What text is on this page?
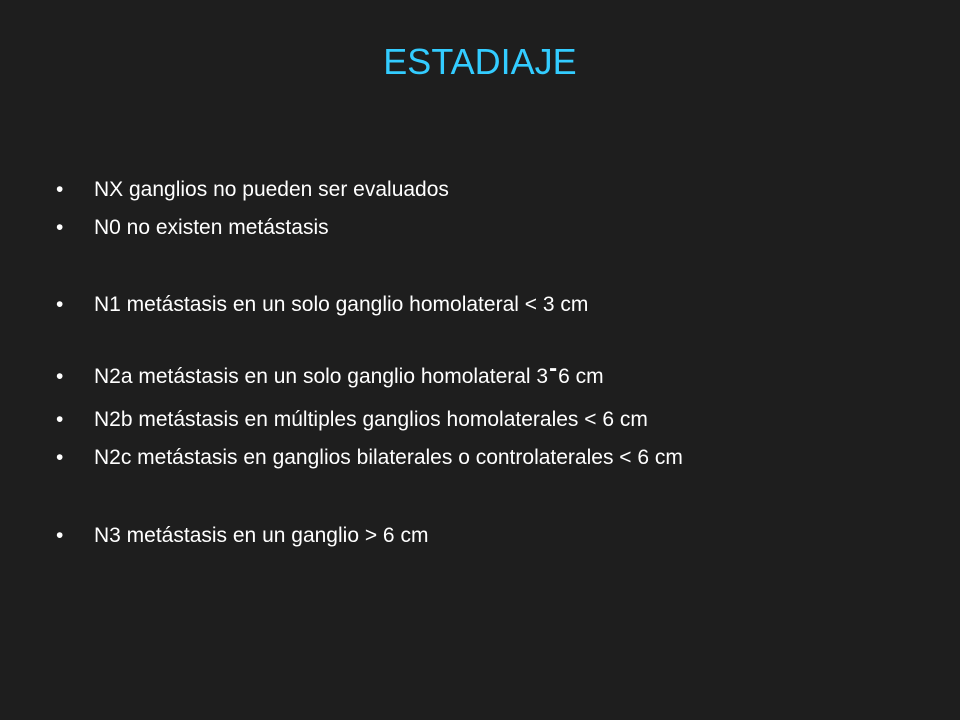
ESTADIAJE
• NX ganglios no pueden ser evaluados
• N0 no existen metástasis
• N1 metástasis en un solo ganglio homolateral < 3 cm
• N2a metástasis en un solo ganglio homolateral 3-6 cm
• N2b metástasis en múltiples ganglios homolaterales < 6 cm
• N2c metástasis en ganglios bilaterales o controlaterales < 6 cm
• N3 metástasis en un ganglio > 6 cm
